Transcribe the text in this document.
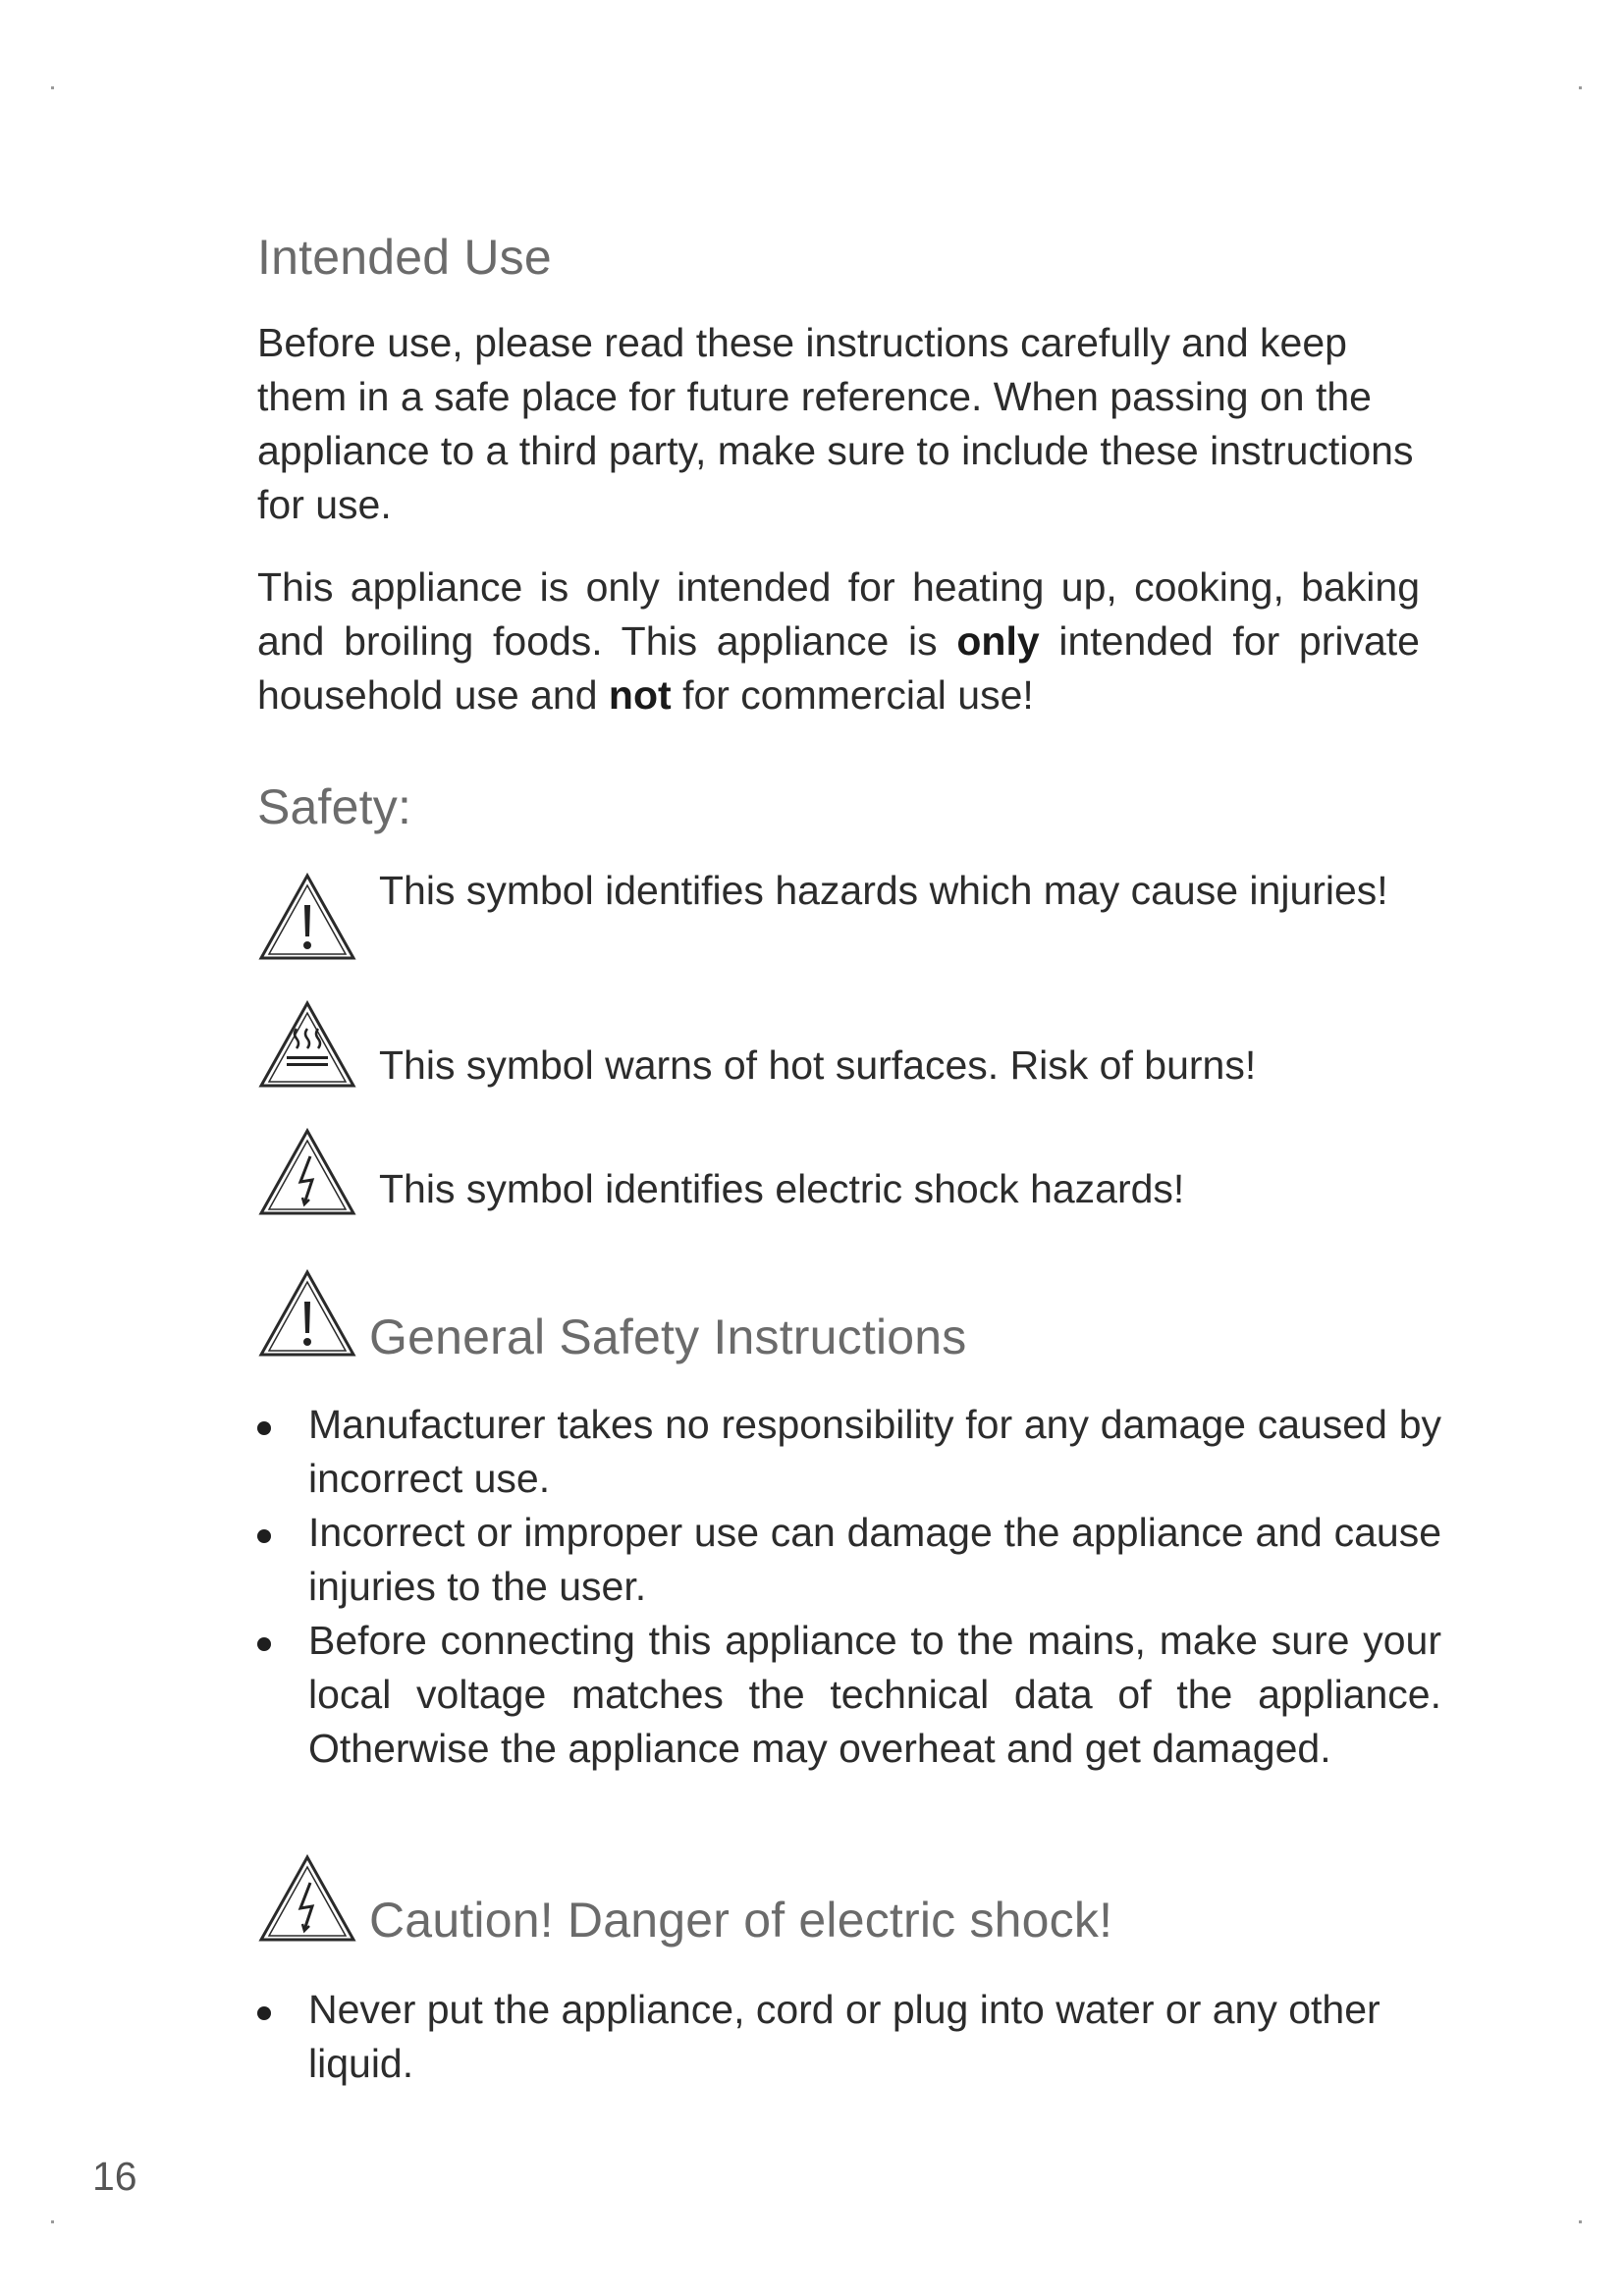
Intended Use

Before use, please read these instructions carefully and keep them in a safe place for future reference. When passing on the appliance to a third party, make sure to include these instructions for use.

This appliance is only intended for heating up, cooking, baking and broiling foods. This appliance is only intended for private household use and not for commercial use!

Safety:
This symbol identifies hazards which may cause injuries!
This symbol warns of hot surfaces. Risk of burns!
This symbol identifies electric shock hazards!
General Safety Instructions
Manufacturer takes no responsibility for any damage caused by incorrect use.
Incorrect or improper use can damage the appliance and cause injuries to the user.
Before connecting this appliance to the mains, make sure your local voltage matches the technical data of the appliance. Otherwise the appliance may overheat and get damaged.
Caution! Danger of electric shock!
Never put the appliance, cord or plug into water or any other liquid.
16
